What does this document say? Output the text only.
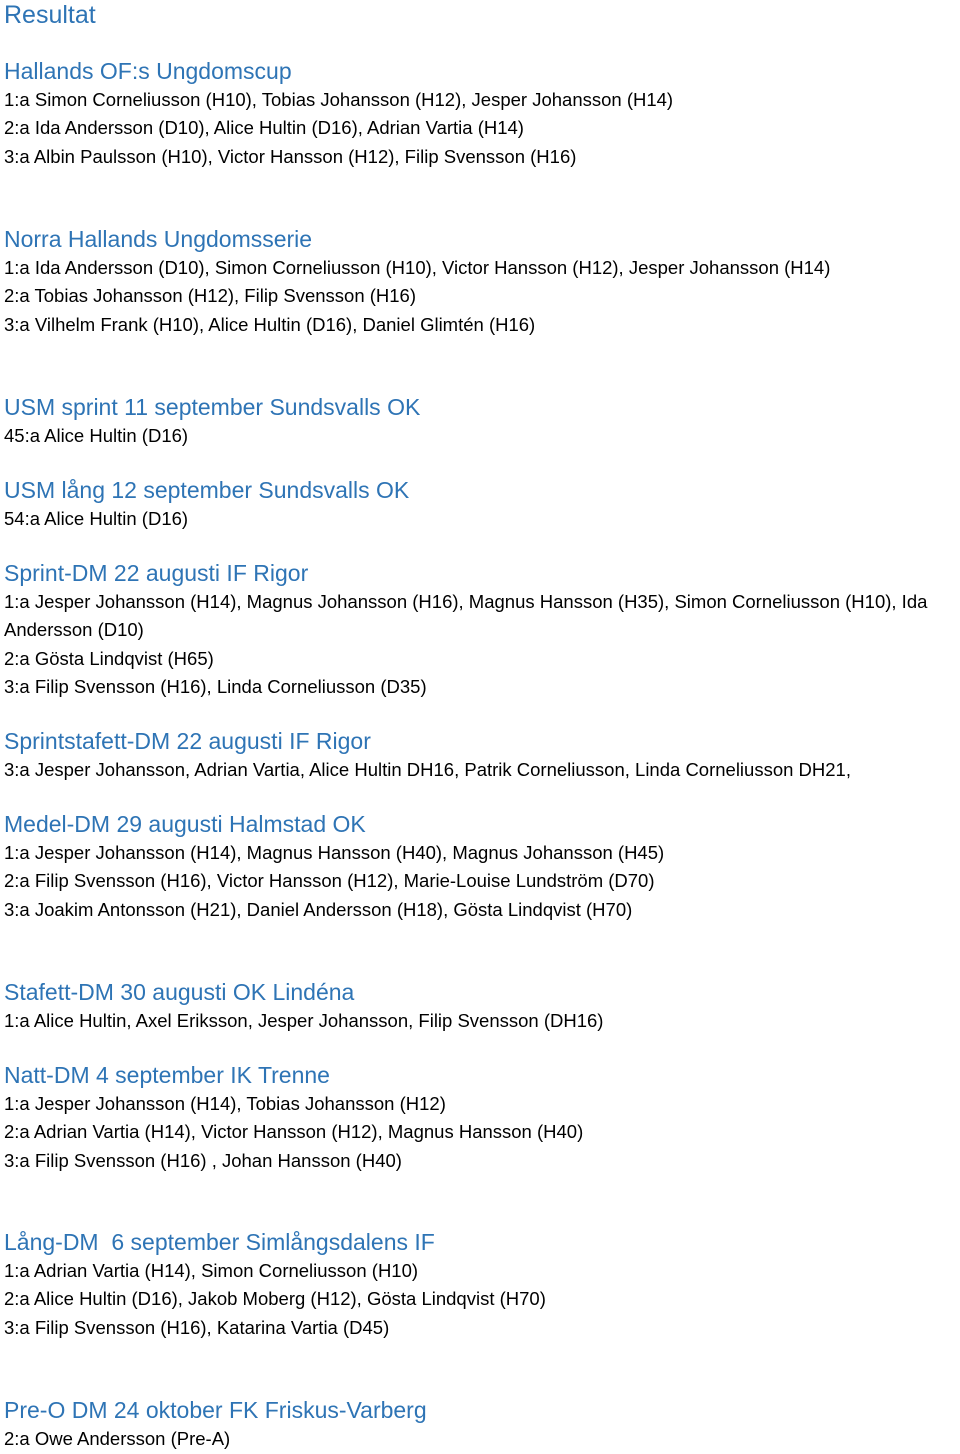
Resultat
Hallands OF:s Ungdomscup
1:a Simon Corneliusson (H10), Tobias Johansson (H12), Jesper Johansson (H14)
2:a Ida Andersson (D10), Alice Hultin (D16), Adrian Vartia (H14)
3:a Albin Paulsson (H10), Victor Hansson (H12), Filip Svensson (H16)
Norra Hallands Ungdomsserie
1:a Ida Andersson (D10), Simon Corneliusson (H10), Victor Hansson (H12), Jesper Johansson (H14)
2:a Tobias Johansson (H12), Filip Svensson (H16)
3:a Vilhelm Frank (H10), Alice Hultin (D16), Daniel Glimtén (H16)
USM sprint 11 september Sundsvalls OK
45:a Alice Hultin (D16)
USM lång 12 september Sundsvalls OK
54:a Alice Hultin (D16)
Sprint-DM 22 augusti IF Rigor
1:a Jesper Johansson (H14), Magnus Johansson (H16), Magnus Hansson (H35), Simon Corneliusson (H10), Ida Andersson (D10)
2:a Gösta Lindqvist (H65)
3:a Filip Svensson (H16), Linda Corneliusson (D35)
Sprintstafett-DM 22 augusti IF Rigor
3:a Jesper Johansson, Adrian Vartia, Alice Hultin DH16, Patrik Corneliusson, Linda Corneliusson DH21,
Medel-DM 29 augusti Halmstad OK
1:a Jesper Johansson (H14), Magnus Hansson (H40), Magnus Johansson (H45)
2:a Filip Svensson (H16), Victor Hansson (H12), Marie-Louise Lundström (D70)
3:a Joakim Antonsson (H21), Daniel Andersson (H18), Gösta Lindqvist (H70)
Stafett-DM 30 augusti OK Lindéna
1:a Alice Hultin, Axel Eriksson, Jesper Johansson, Filip Svensson (DH16)
Natt-DM 4 september IK Trenne
1:a Jesper Johansson (H14), Tobias Johansson (H12)
2:a Adrian Vartia (H14), Victor Hansson (H12), Magnus Hansson (H40)
3:a Filip Svensson (H16) , Johan Hansson (H40)
Lång-DM  6 september Simlångsdalens IF
1:a Adrian Vartia (H14), Simon Corneliusson (H10)
2:a Alice Hultin (D16), Jakob Moberg (H12), Gösta Lindqvist (H70)
3:a Filip Svensson (H16), Katarina Vartia (D45)
Pre-O DM 24 oktober FK Friskus-Varberg
2:a Owe Andersson (Pre-A)
